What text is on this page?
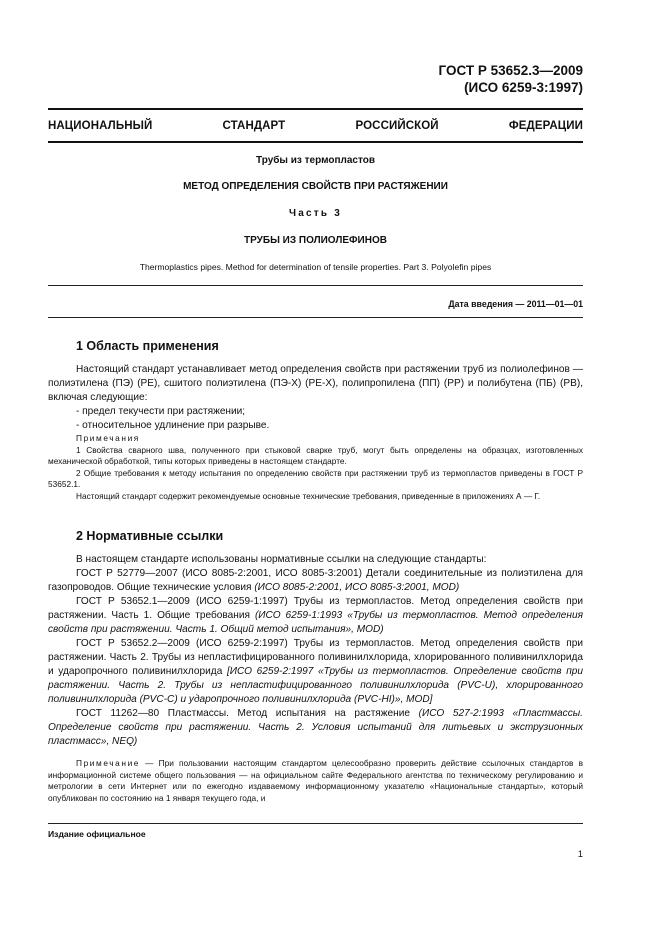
ГОСТ Р 53652.3—2009
(ИСО 6259-3:1997)
НАЦИОНАЛЬНЫЙ СТАНДАРТ РОССИЙСКОЙ ФЕДЕРАЦИИ
Трубы из термопластов
МЕТОД ОПРЕДЕЛЕНИЯ СВОЙСТВ ПРИ РАСТЯЖЕНИИ
Часть 3
ТРУБЫ ИЗ ПОЛИОЛЕФИНОВ
Thermoplastics pipes. Method for determination of tensile properties. Part 3. Polyolefin pipes
Дата введения — 2011—01—01
1 Область применения

Настоящий стандарт устанавливает метод определения свойств при растяжении труб из полиолефинов — полиэтилена (ПЭ) (PE), сшитого полиэтилена (ПЭ-Х) (PE-X), полипропилена (ПП) (PP) и полибутена (ПБ) (PB), включая следующие:

- предел текучести при растяжении;

- относительное удлинение при разрыве.

Примечания

1 Свойства сварного шва, полученного при стыковой сварке труб, могут быть определены на образцах, изготовленных механической обработкой, типы которых приведены в настоящем стандарте.

2 Общие требования к методу испытания по определению свойств при растяжении труб из термопластов приведены в ГОСТ Р 53652.1.

Настоящий стандарт содержит рекомендуемые основные технические требования, приведенные в приложениях А — Г.

2 Нормативные ссылки

В настоящем стандарте использованы нормативные ссылки на следующие стандарты:

ГОСТ Р 52779—2007 (ИСО 8085-2:2001, ИСО 8085-3:2001) Детали соединительные из полиэтилена для газопроводов. Общие технические условия (ИСО 8085-2:2001, ИСО 8085-3:2001, MOD)

ГОСТ Р 53652.1—2009 (ИСО 6259-1:1997) Трубы из термопластов. Метод определения свойств при растяжении. Часть 1. Общие требования (ИСО 6259-1:1993 «Трубы из термопластов. Метод определения свойств при растяжении. Часть 1. Общий метод испытания», MOD)

ГОСТ Р 53652.2—2009 (ИСО 6259-2:1997) Трубы из термопластов. Метод определения свойств при растяжении. Часть 2. Трубы из непластифицированного поливинилхлорида, хлорированного поливинилхлорида и ударопрочного поливинилхлорида [ИСО 6259-2:1997 «Трубы из термопластов. Определение свойств при растяжении. Часть 2. Трубы из непластифицированного поливинилхлорида (PVC-U), хлорированного поливинилхлорида (PVC-C) и ударопрочного поливинилхлорида (PVC-HI)», MOD]

ГОСТ 11262—80 Пластмассы. Метод испытания на растяжение (ИСО 527-2:1993 «Пластмассы. Определение свойств при растяжении. Часть 2. Условия испытаний для литьевых и экструзионных пластмасс», NEQ)

Примечание — При пользовании настоящим стандартом целесообразно проверить действие ссылочных стандартов в информационной системе общего пользования — на официальном сайте Федерального агентства по техническому регулированию и метрологии в сети Интернет или по ежегодно издаваемому информационному указателю «Национальные стандарты», который опубликован по состоянию на 1 января текущего года, и

Издание официальное
1
